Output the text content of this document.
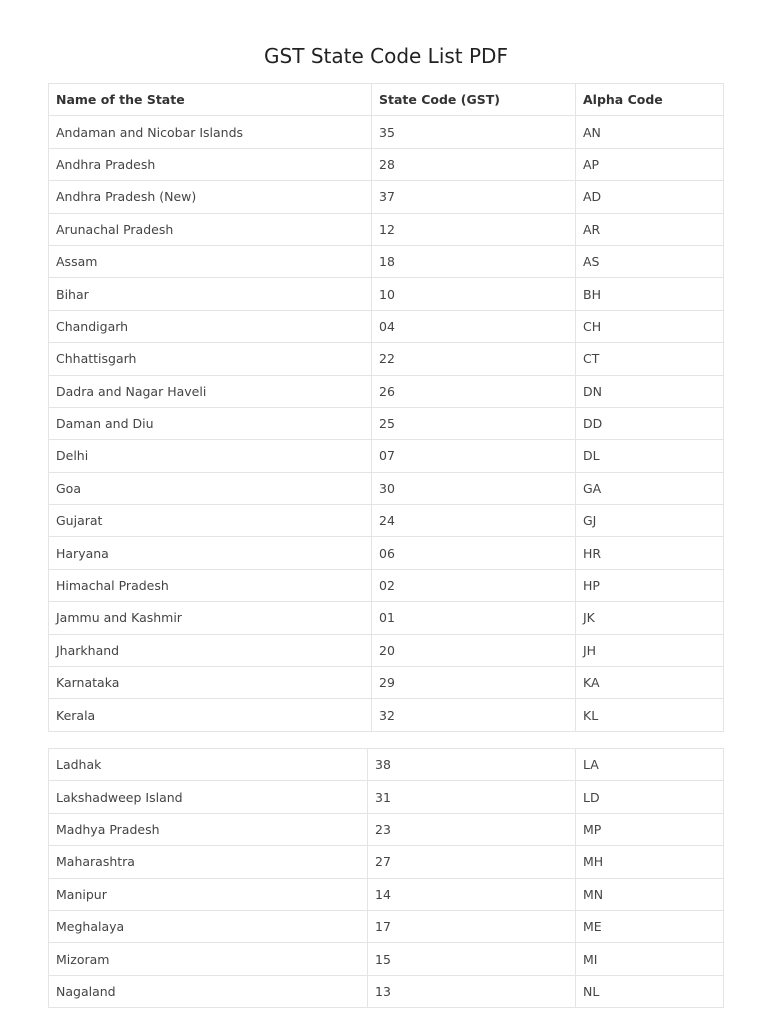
GST State Code List PDF
Name of the State	State Code (GST)	Alpha Code
Andaman and Nicobar Islands	35	AN
Andhra Pradesh	28	AP
Andhra Pradesh (New)	37	AD
Arunachal Pradesh	12	AR
Assam	18	AS
Bihar	10	BH
Chandigarh	04	CH
Chhattisgarh	22	CT
Dadra and Nagar Haveli	26	DN
Daman and Diu	25	DD
Delhi	07	DL
Goa	30	GA
Gujarat	24	GJ
Haryana	06	HR
Himachal Pradesh	02	HP
Jammu and Kashmir	01	JK
Jharkhand	20	JH
Karnataka	29	KA
Kerala	32	KL
Ladhak	38	LA
Lakshadweep Island	31	LD
Madhya Pradesh	23	MP
Maharashtra	27	MH
Manipur	14	MN
Meghalaya	17	ME
Mizoram	15	MI
Nagaland	13	NL
